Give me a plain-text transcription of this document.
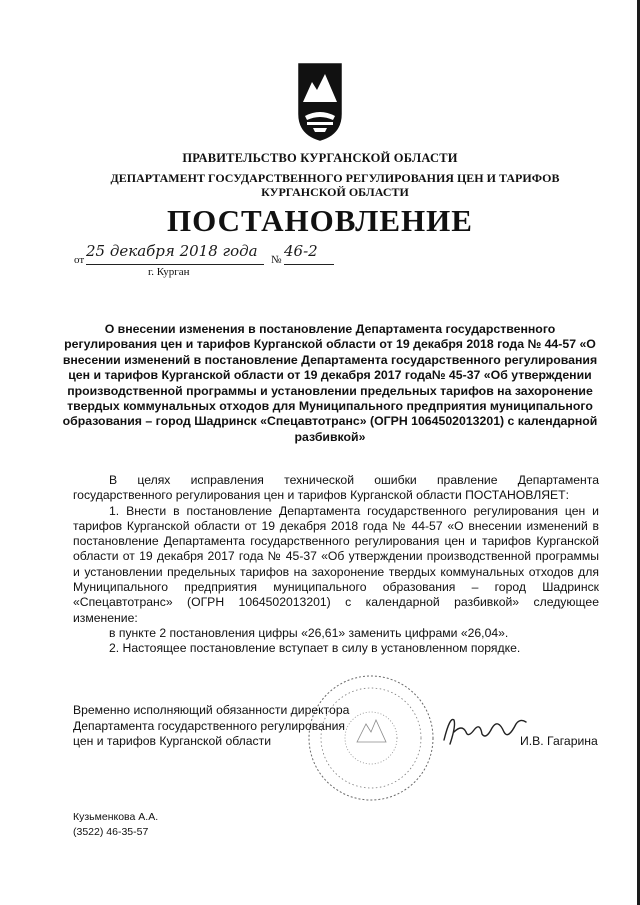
ПРАВИТЕЛЬСТВО КУРГАНСКОЙ ОБЛАСТИ
ДЕПАРТАМЕНТ ГОСУДАРСТВЕННОГО РЕГУЛИРОВАНИЯ ЦЕН И ТАРИФОВ КУРГАНСКОЙ ОБЛАСТИ
ПОСТАНОВЛЕНИЕ
от 25 декабря 2018 года	№ 46-2
г. Курган
О внесении изменения в постановление Департамента государственного регулирования цен и тарифов Курганской области от 19 декабря 2018 года № 44-57 «О внесении изменений в постановление Департамента государственного регулирования цен и тарифов Курганской области от 19 декабря 2017 года№ 45-37 «Об утверждении производственной программы и установлении предельных тарифов на захоронение твердых коммунальных отходов для Муниципального предприятия муниципального образования – город Шадринск «Спецавтотранс» (ОГРН 1064502013201) с календарной разбивкой»

В целях исправления технической ошибки правление Департамента государственного регулирования цен и тарифов Курганской области ПОСТАНОВЛЯЕТ:

1. Внести в постановление Департамента государственного регулирования цен и тарифов Курганской области от 19 декабря 2018 года № 44-57 «О внесении изменений в постановление Департамента государственного регулирования цен и тарифов Курганской области от 19 декабря 2017 года № 45-37 «Об утверждении производственной программы и установлении предельных тарифов на захоронение твердых коммунальных отходов для Муниципального предприятия муниципального образования – город Шадринск «Спецавтотранс» (ОГРН 1064502013201) с календарной разбивкой» следующее изменение:

в пункте 2 постановления цифры «26,61» заменить цифрами «26,04».

2. Настоящее постановление вступает в силу в установленном порядке.

Временно исполняющий обязанности директора
Департамента государственного регулирования
цен и тарифов Курганской области	И.В. Гагарина
Кузьменкова А.А.
(3522) 46-35-57
